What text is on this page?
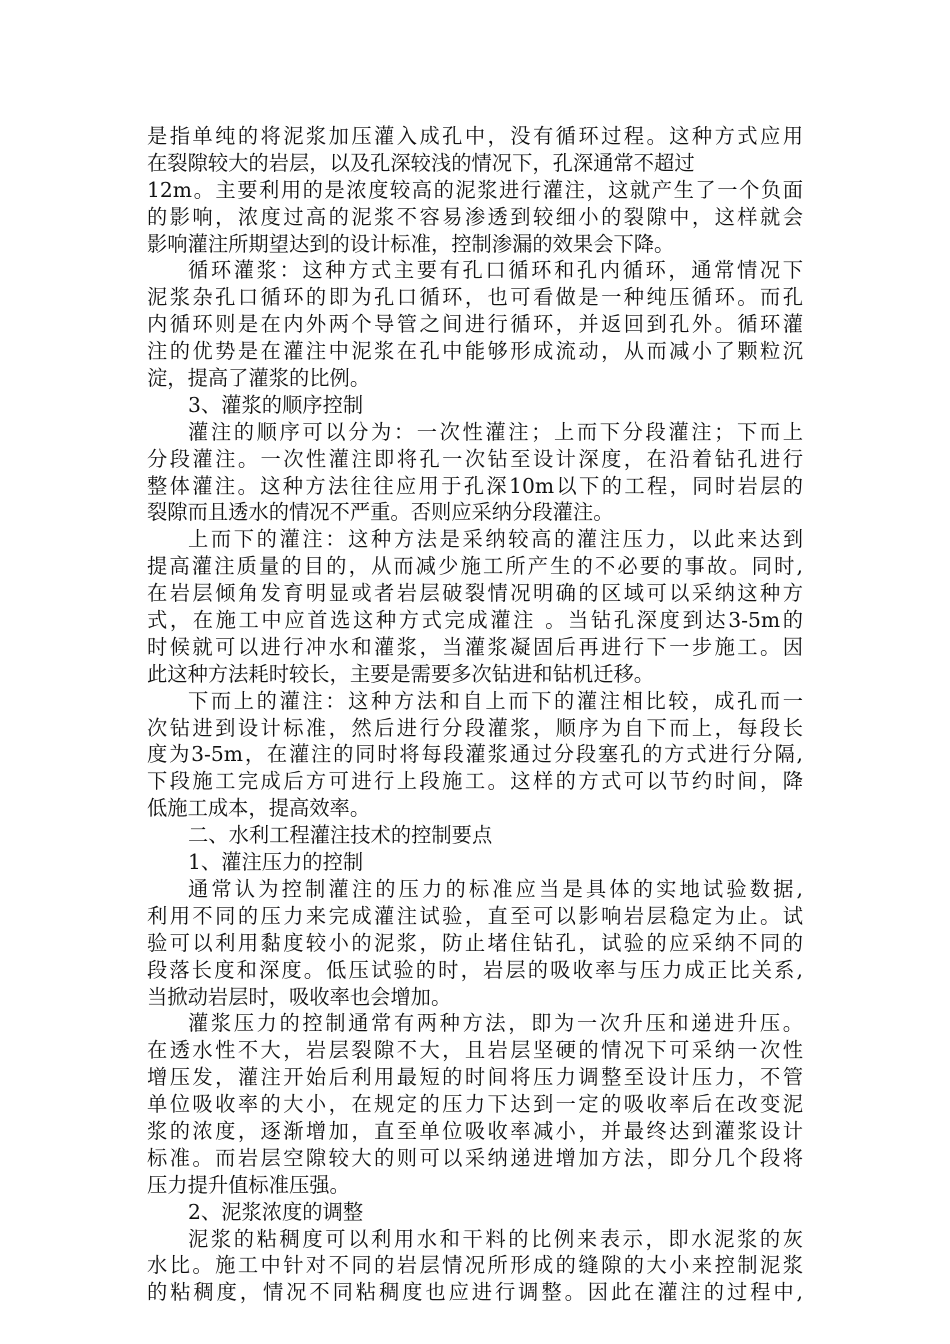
是指单纯的将泥浆加压灌入成孔中，没有循环过程。这种方式应用
在裂隙较大的岩层，以及孔深较浅的情况下，孔深通常不超过
12m。主要利用的是浓度较高的泥浆进行灌注，这就产生了一个负面
的影响，浓度过高的泥浆不容易渗透到较细小的裂隙中，这样就会
影响灌注所期望达到的设计标准，控制渗漏的效果会下降。
循环灌浆：这种方式主要有孔口循环和孔内循环，通常情况下
泥浆杂孔口循环的即为孔口循环，也可看做是一种纯压循环。而孔
内循环则是在内外两个导管之间进行循环，并返回到孔外。循环灌
注的优势是在灌注中泥浆在孔中能够形成流动，从而减小了颗粒沉
淀，提高了灌浆的比例。
3、灌浆的顺序控制
灌注的顺序可以分为：一次性灌注；上而下分段灌注；下而上
分段灌注。一次性灌注即将孔一次钻至设计深度，在沿着钻孔进行
整体灌注。这种方法往往应用于孔深10m以下的工程，同时岩层的
裂隙而且透水的情况不严重。否则应采纳分段灌注。
上而下的灌注：这种方法是采纳较高的灌注压力，以此来达到
提高灌注质量的目的，从而减少施工所产生的不必要的事故。同时,
在岩层倾角发育明显或者岩层破裂情况明确的区域可以采纳这种方
式，在施工中应首选这种方式完成灌注 。当钻孔深度到达3-5m的
时候就可以进行冲水和灌浆，当灌浆凝固后再进行下一步施工。因
此这种方法耗时较长，主要是需要多次钻进和钻机迁移。
下而上的灌注：这种方法和自上而下的灌注相比较，成孔而一
次钻进到设计标准，然后进行分段灌浆，顺序为自下而上，每段长
度为3-5m，在灌注的同时将每段灌浆通过分段塞孔的方式进行分隔,
下段施工完成后方可进行上段施工。这样的方式可以节约时间，降
低施工成本，提高效率。
二、水利工程灌注技术的控制要点
1、灌注压力的控制
通常认为控制灌注的压力的标准应当是具体的实地试验数据,
利用不同的压力来完成灌注试验，直至可以影响岩层稳定为止。试
验可以利用黏度较小的泥浆，防止堵住钻孔，试验的应采纳不同的
段落长度和深度。低压试验的时，岩层的吸收率与压力成正比关系,
当掀动岩层时，吸收率也会增加。
灌浆压力的控制通常有两种方法，即为一次升压和递进升压。
在透水性不大，岩层裂隙不大，且岩层坚硬的情况下可采纳一次性
增压发，灌注开始后利用最短的时间将压力调整至设计压力，不管
单位吸收率的大小，在规定的压力下达到一定的吸收率后在改变泥
浆的浓度，逐渐增加，直至单位吸收率减小，并最终达到灌浆设计
标准。而岩层空隙较大的则可以采纳递进增加方法，即分几个段将
压力提升值标准压强。
2、泥浆浓度的调整
泥浆的粘稠度可以利用水和干料的比例来表示，即水泥浆的灰
水比。施工中针对不同的岩层情况所形成的缝隙的大小来控制泥浆
的粘稠度，情况不同粘稠度也应进行调整。因此在灌注的过程中,
